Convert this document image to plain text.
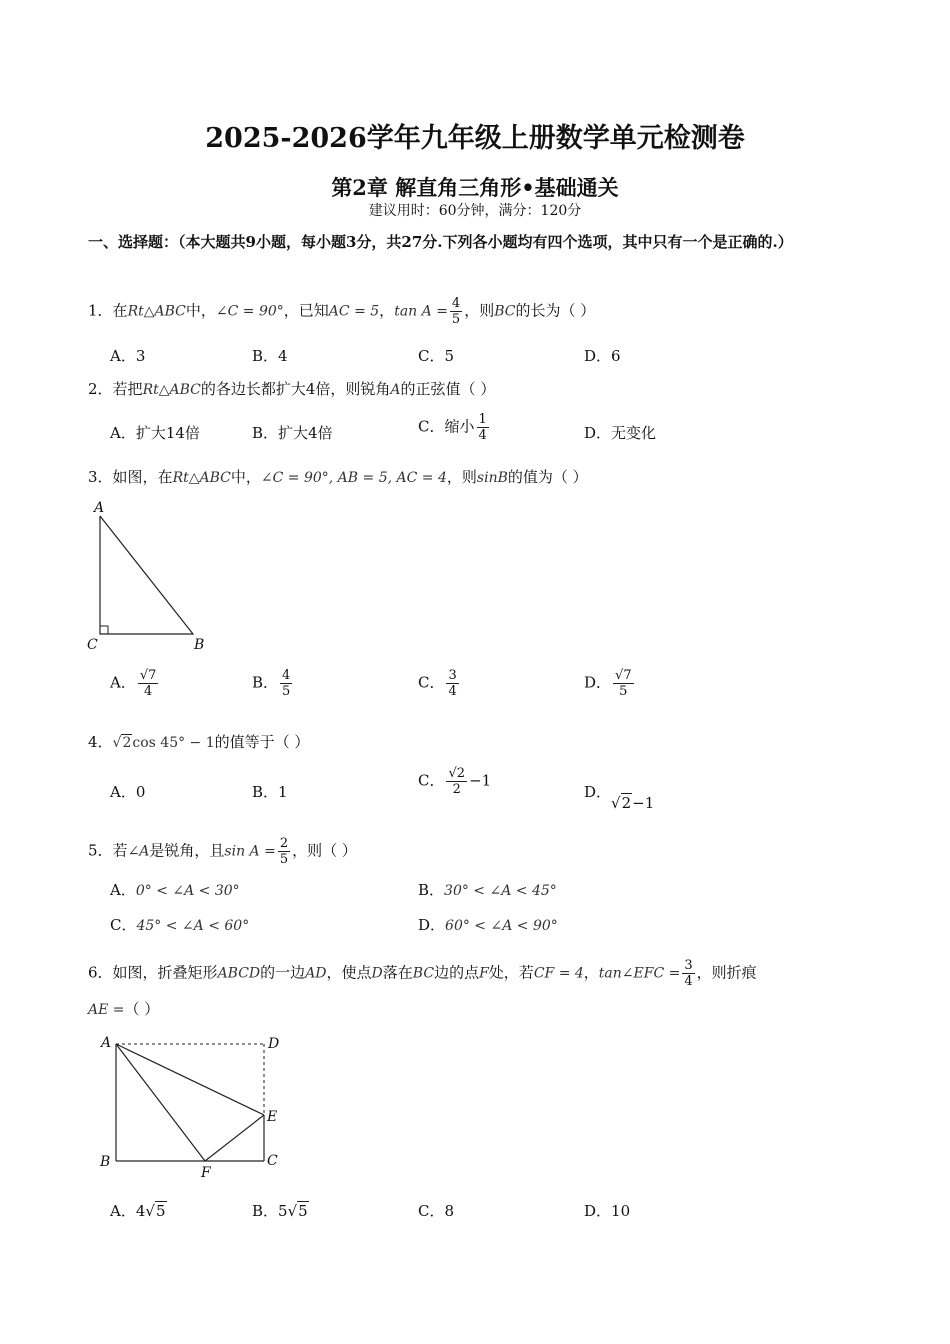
2025-2026学年九年级上册数学单元检测卷
第2章 解直角三角形•基础通关
建议用时：60分钟，满分：120分
一、选择题：（本大题共9小题，每小题3分，共27分.下列各小题均有四个选项，其中只有一个是正确的.）
1．在Rt△ABC中，∠C = 90°，已知AC = 5，$\tan A = \frac{4}{5}$ ，则BC的长为（ ）
A．3	B．4	C．5	D．6
2．若把Rt△ABC的各边长都扩大4倍，则锐角A的正弦值（ ）
A．扩大14倍	B．扩大4倍	C．缩小 $\frac{1}{4}$	D．无变化
3．如图，在Rt△ABC中，∠C = 90°, AB = 5, AC = 4，则sinB的值为（ ）
A
C	B
A． $\frac{√7}{4}$	B． $\frac{4}{5}$	C． $\frac{3}{4}$	D． $\frac{√7}{5}$
4．√2cos 45° − 1的值等于（ ）
A．0	B．1
C． $\frac{√2}{2} -1$
D．√2−1
5．若∠A是锐角，且$\sin A = \frac{2}{5}$ ，则（ ）
A．0° < ∠A < 30°	B．30° < ∠A < 45°
C．45° < ∠A < 60°	D．60° < ∠A < 90°
6．如图，折叠矩形ABCD的一边AD，使点D落在BC边的点F处，若CF = 4，tan∠EFC = $\frac{3}{4}$ ，则折痕
AE =（ ）
A	D
E
C
B
F
A．4√5	B．5√5	C．8	D．10
